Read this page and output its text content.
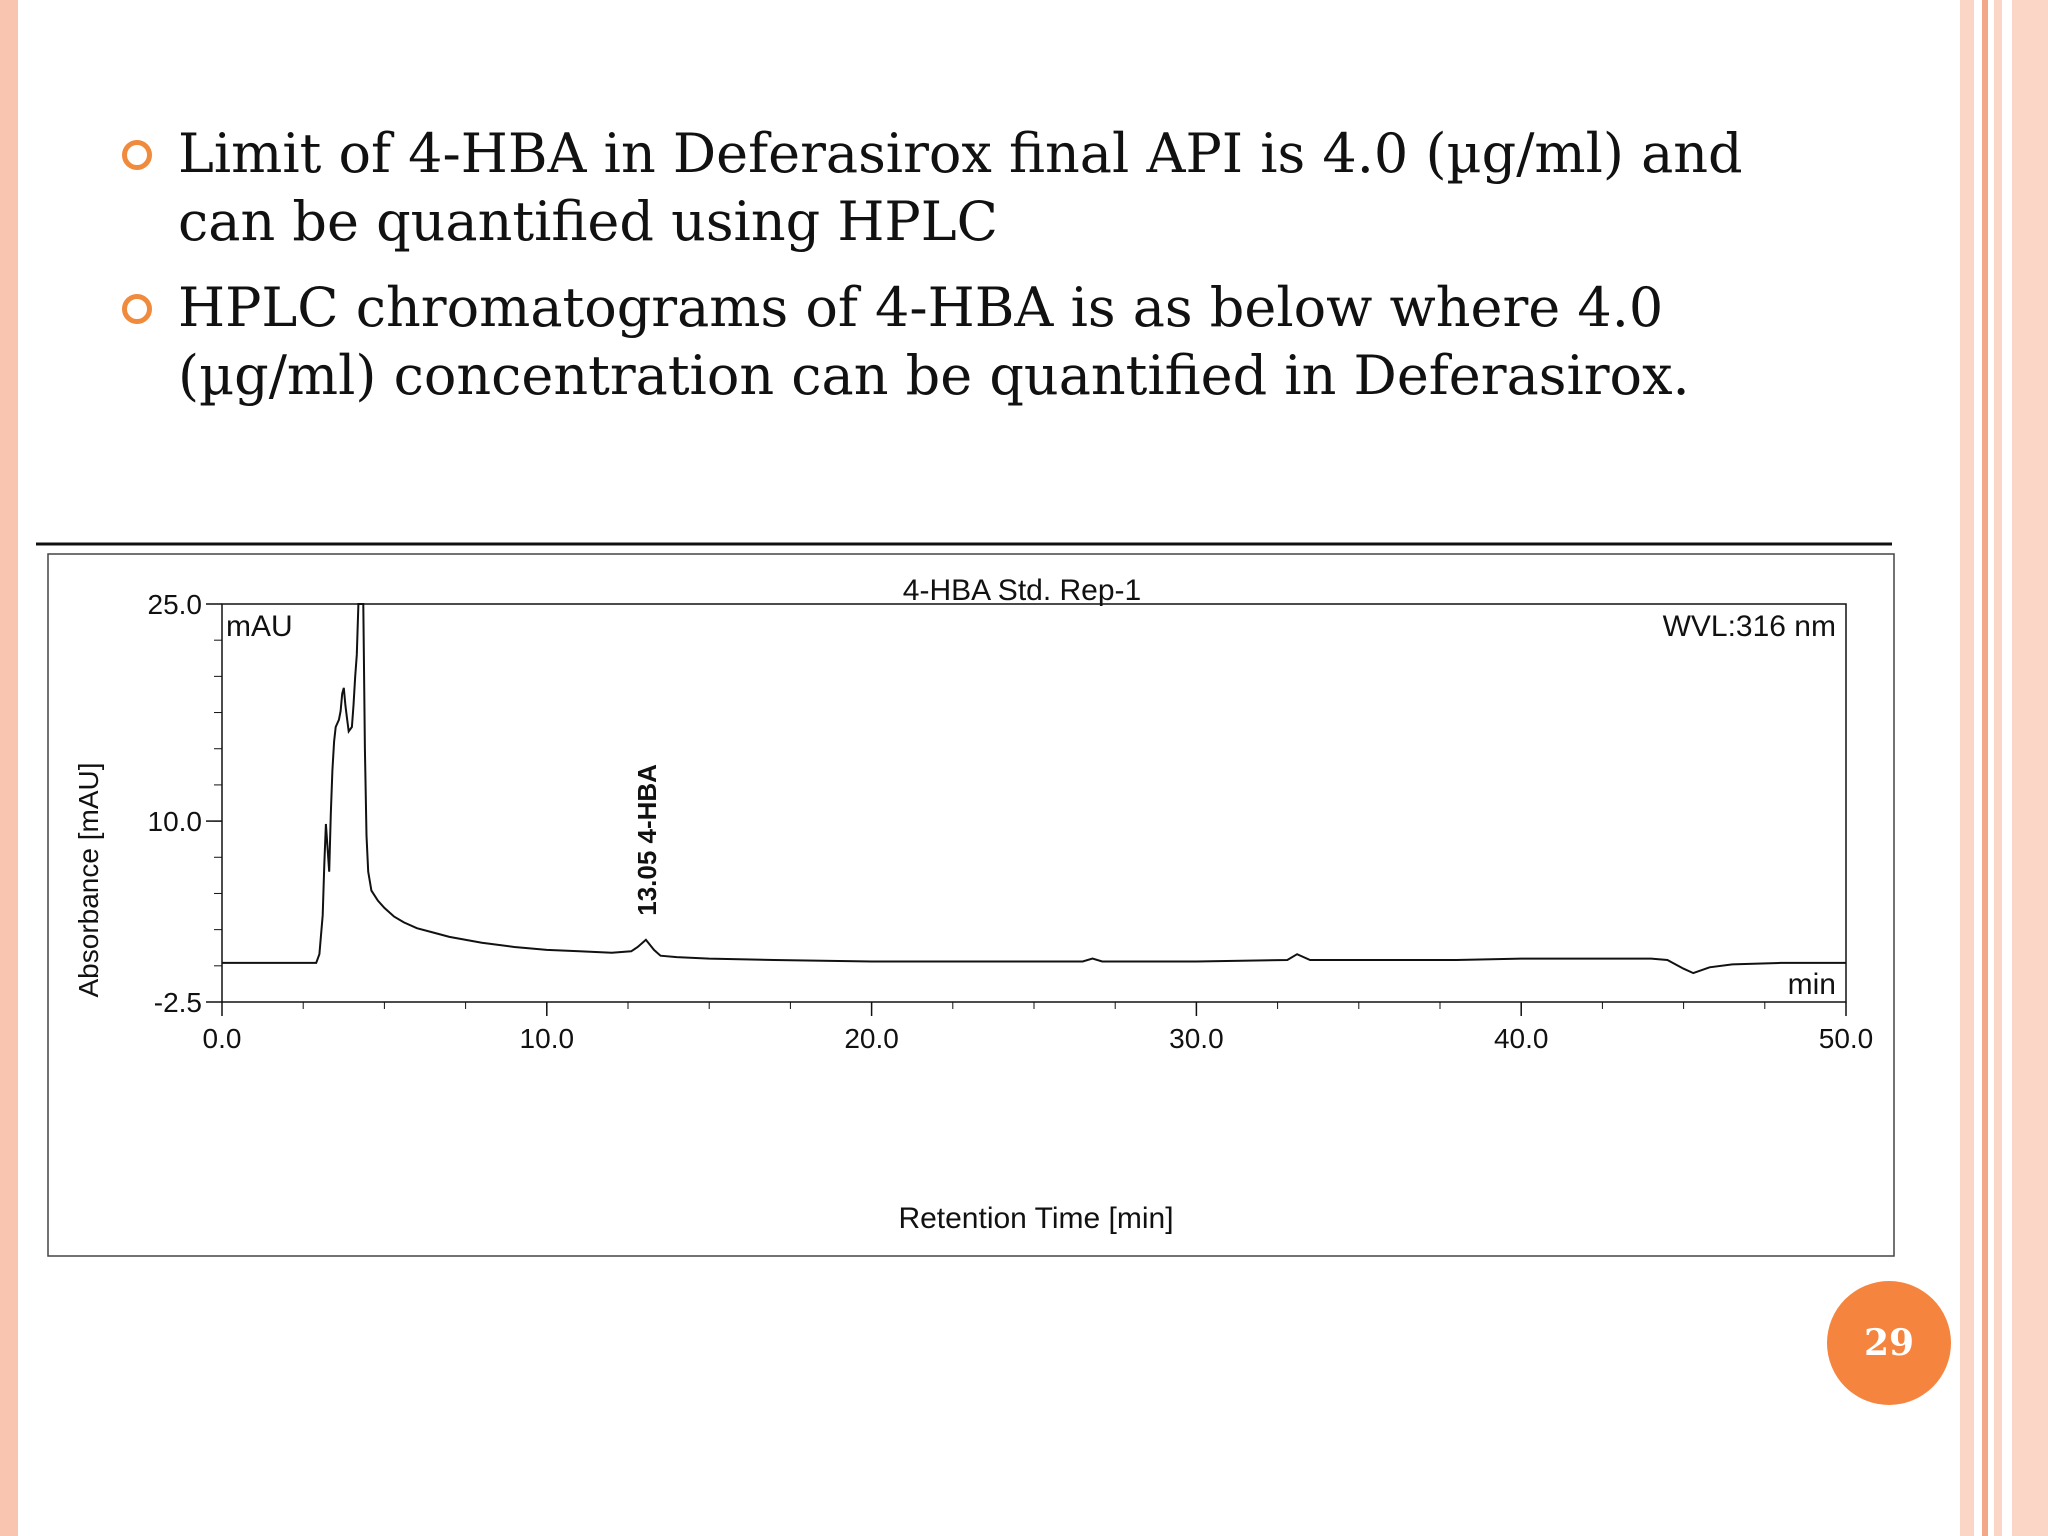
Limit of 4-HBA in Deferasirox final API is 4.0 (µg/ml) and can be quantified using HPLC
HPLC chromatograms of 4-HBA is as below where 4.0 (µg/ml) concentration can be quantified in Deferasirox.
25.0
10.0
-2.5
0.0	10.0	20.0	30.0	40.0	50.0
4-HBA Std. Rep-1
mAU	WVL:316 nm
min
Retention Time [min]
Absorbance [mAU]	13.05 4-HBA
29
